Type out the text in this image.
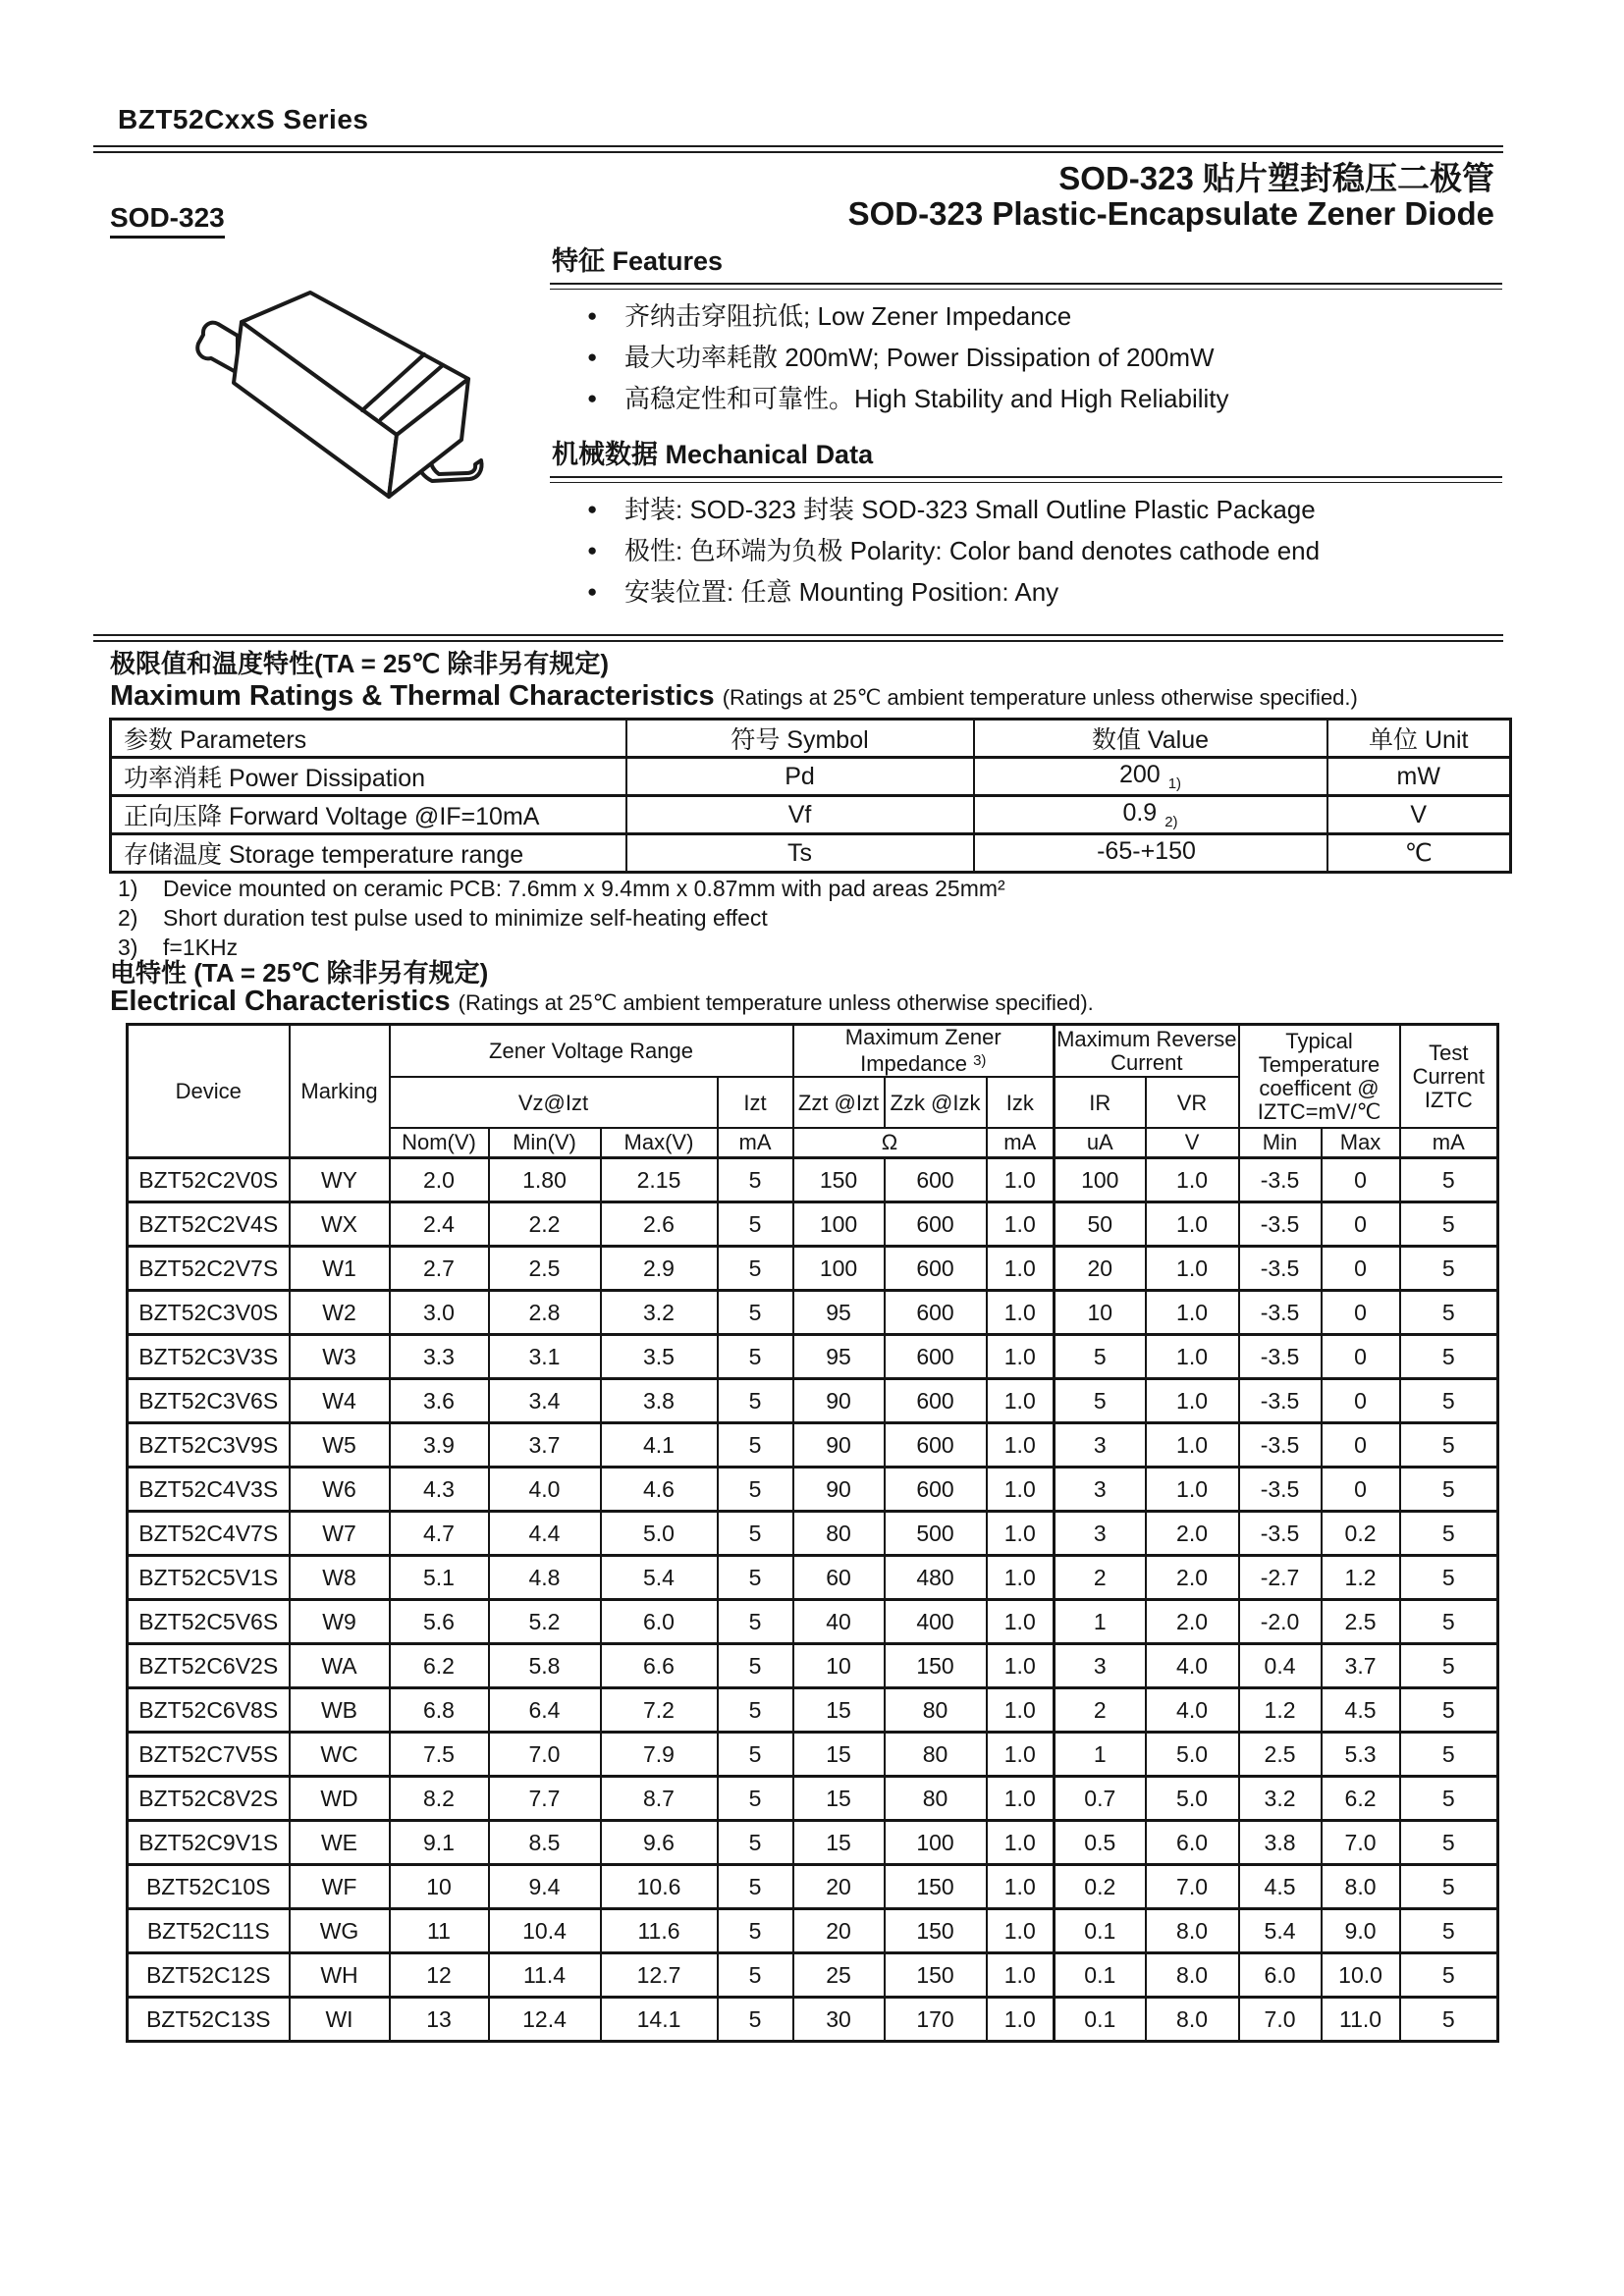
BZT52CxxS Series
SOD-323 贴片塑封稳压二极管
SOD-323 Plastic-Encapsulate Zener Diode
SOD-323
特征 Features
●	齐纳击穿阻抗低; Low Zener Impedance
●	最大功率耗散 200mW; Power Dissipation of 200mW
●	高稳定性和可靠性。High Stability and High Reliability
机械数据 Mechanical Data
●	封装: SOD-323 封装 SOD-323 Small Outline Plastic Package
●	极性: 色环端为负极 Polarity: Color band denotes cathode end
●	安装位置: 任意 Mounting Position: Any
极限值和温度特性(TA = 25℃ 除非另有规定)
Maximum Ratings & Thermal Characteristics (Ratings at 25℃ ambient temperature unless otherwise specified.)
参数 Parameters	符号 Symbol	数值 Value	单位 Unit
功率消耗 Power Dissipation	Pd	200 $_{1)}$	mW
正向压降 Forward Voltage @IF=10mA	Vf	0.9 $_{2)}$	V
存储温度 Storage temperature range	Ts	-65-+150	℃
1)	Device mounted on ceramic PCB: 7.6mm x 9.4mm x 0.87mm with pad areas 25mm²
2)	Short duration test pulse used to minimize self-heating effect
3)	f=1KHz
电特性 (TA = 25℃ 除非另有规定)
Electrical Characteristics (Ratings at 25℃ ambient temperature unless otherwise specified).
Device	Marking	Zener Voltage Range				Maximum Zener Impedance $^{3)}$			Maximum Reverse Current		Typical Temperature coefficent @ IZTC=mV/℃		Test Current IZTC
		Vz@Izt			Izt	Zzt @Izt	Zzk @Izk	Izk	IR	VR			
		Nom(V)	Min(V)	Max(V)	mA	Ω		mA	uA	V	Min	Max	mA
BZT52C2V0S	WY	2.0	1.80	2.15	5	150	600	1.0	100	1.0	-3.5	0	5
BZT52C2V4S	WX	2.4	2.2	2.6	5	100	600	1.0	50	1.0	-3.5	0	5
BZT52C2V7S	W1	2.7	2.5	2.9	5	100	600	1.0	20	1.0	-3.5	0	5
BZT52C3V0S	W2	3.0	2.8	3.2	5	95	600	1.0	10	1.0	-3.5	0	5
BZT52C3V3S	W3	3.3	3.1	3.5	5	95	600	1.0	5	1.0	-3.5	0	5
BZT52C3V6S	W4	3.6	3.4	3.8	5	90	600	1.0	5	1.0	-3.5	0	5
BZT52C3V9S	W5	3.9	3.7	4.1	5	90	600	1.0	3	1.0	-3.5	0	5
BZT52C4V3S	W6	4.3	4.0	4.6	5	90	600	1.0	3	1.0	-3.5	0	5
BZT52C4V7S	W7	4.7	4.4	5.0	5	80	500	1.0	3	2.0	-3.5	0.2	5
BZT52C5V1S	W8	5.1	4.8	5.4	5	60	480	1.0	2	2.0	-2.7	1.2	5
BZT52C5V6S	W9	5.6	5.2	6.0	5	40	400	1.0	1	2.0	-2.0	2.5	5
BZT52C6V2S	WA	6.2	5.8	6.6	5	10	150	1.0	3	4.0	0.4	3.7	5
BZT52C6V8S	WB	6.8	6.4	7.2	5	15	80	1.0	2	4.0	1.2	4.5	5
BZT52C7V5S	WC	7.5	7.0	7.9	5	15	80	1.0	1	5.0	2.5	5.3	5
BZT52C8V2S	WD	8.2	7.7	8.7	5	15	80	1.0	0.7	5.0	3.2	6.2	5
BZT52C9V1S	WE	9.1	8.5	9.6	5	15	100	1.0	0.5	6.0	3.8	7.0	5
BZT52C10S	WF	10	9.4	10.6	5	20	150	1.0	0.2	7.0	4.5	8.0	5
BZT52C11S	WG	11	10.4	11.6	5	20	150	1.0	0.1	8.0	5.4	9.0	5
BZT52C12S	WH	12	11.4	12.7	5	25	150	1.0	0.1	8.0	6.0	10.0	5
BZT52C13S	WI	13	12.4	14.1	5	30	170	1.0	0.1	8.0	7.0	11.0	5
